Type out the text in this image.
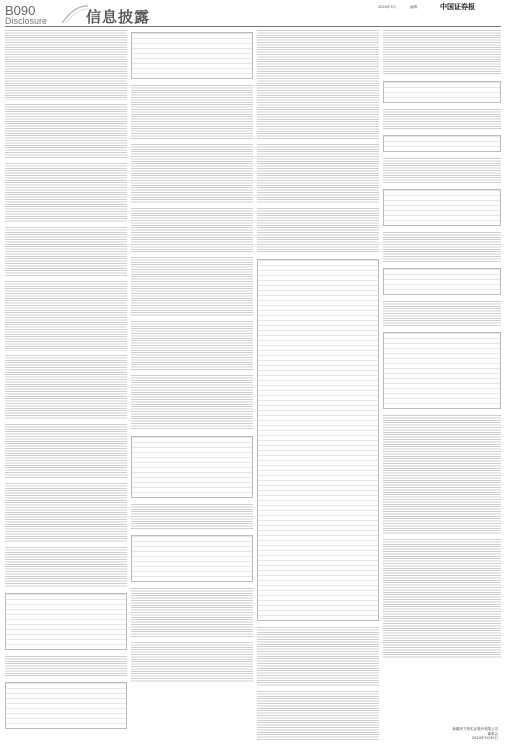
B090
Disclosure	信息披露
2024年3月	编辑：	中国证券报
新疆伊力特实业股份有限公司
董事会
2024年3月30日
